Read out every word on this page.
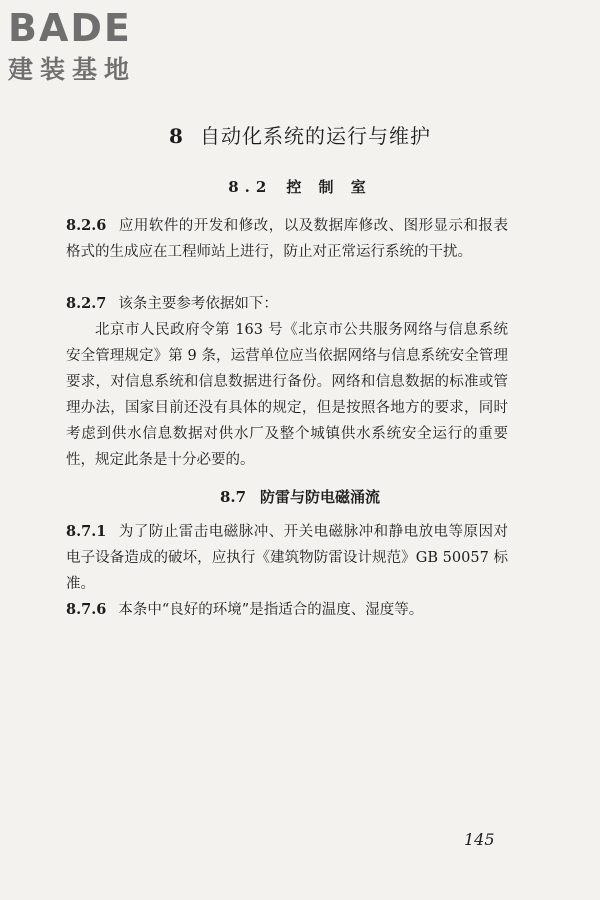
BADE
建装基地
8 自动化系统的运行与维护
8.2 控 制 室
8.2.6 应用软件的开发和修改，以及数据库修改、图形显示和报表格式的生成应在工程师站上进行，防止对正常运行系统的干扰。
8.2.7 该条主要参考依据如下：
北京市人民政府令第 163 号《北京市公共服务网络与信息系统安全管理规定》第 9 条，运营单位应当依据网络与信息系统安全管理要求，对信息系统和信息数据进行备份。网络和信息数据的标准或管理办法，国家目前还没有具体的规定，但是按照各地方的要求，同时考虑到供水信息数据对供水厂及整个城镇供水系统安全运行的重要性，规定此条是十分必要的。
8.7 防雷与防电磁涌流
8.7.1 为了防止雷击电磁脉冲、开关电磁脉冲和静电放电等原因对电子设备造成的破坏，应执行《建筑物防雷设计规范》GB 50057 标准。
8.7.6 本条中“良好的环境”是指适合的温度、湿度等。
145
